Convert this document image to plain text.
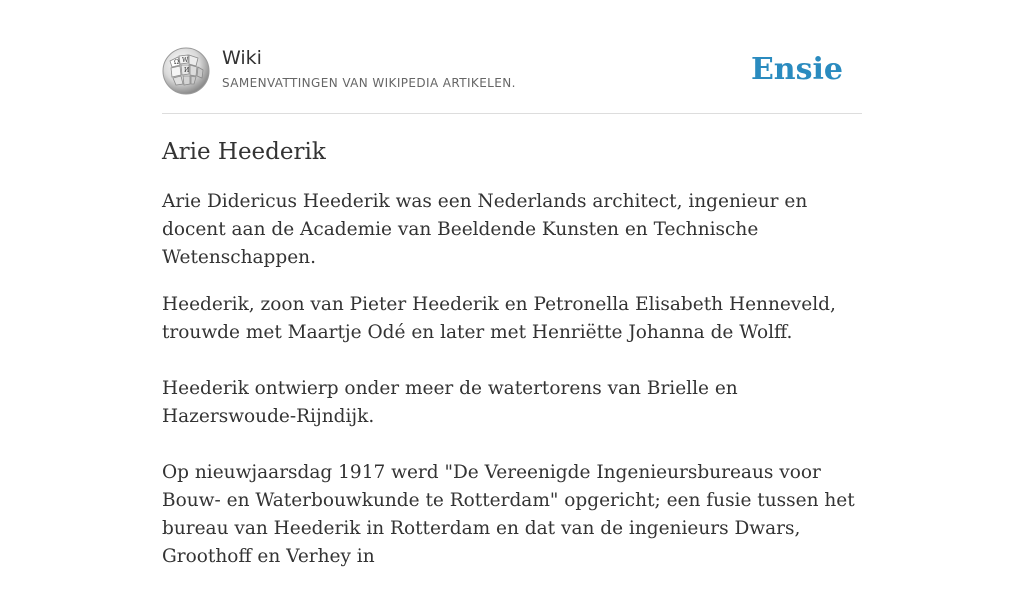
Ω W
И
Wiki
SAMENVATTINGEN VAN WIKIPEDIA ARTIKELEN.	Ensie
Arie Heederik

Arie Didericus Heederik was een Nederlands architect, ingenieur en docent aan de Academie van Beeldende Kunsten en Technische Wetenschappen.

Heederik, zoon van Pieter Heederik en Petronella Elisabeth Henneveld, trouwde met Maartje Odé en later met Henriëtte Johanna de Wolff.

Heederik ontwierp onder meer de watertorens van Brielle en Hazerswoude-Rijndijk.

Op nieuwjaarsdag 1917 werd "De Vereenigde Ingenieursbureaus voor Bouw- en Waterbouwkunde te Rotterdam" opgericht; een fusie tussen het bureau van Heederik in Rotterdam en dat van de ingenieurs Dwars, Groothoff en Verhey in
